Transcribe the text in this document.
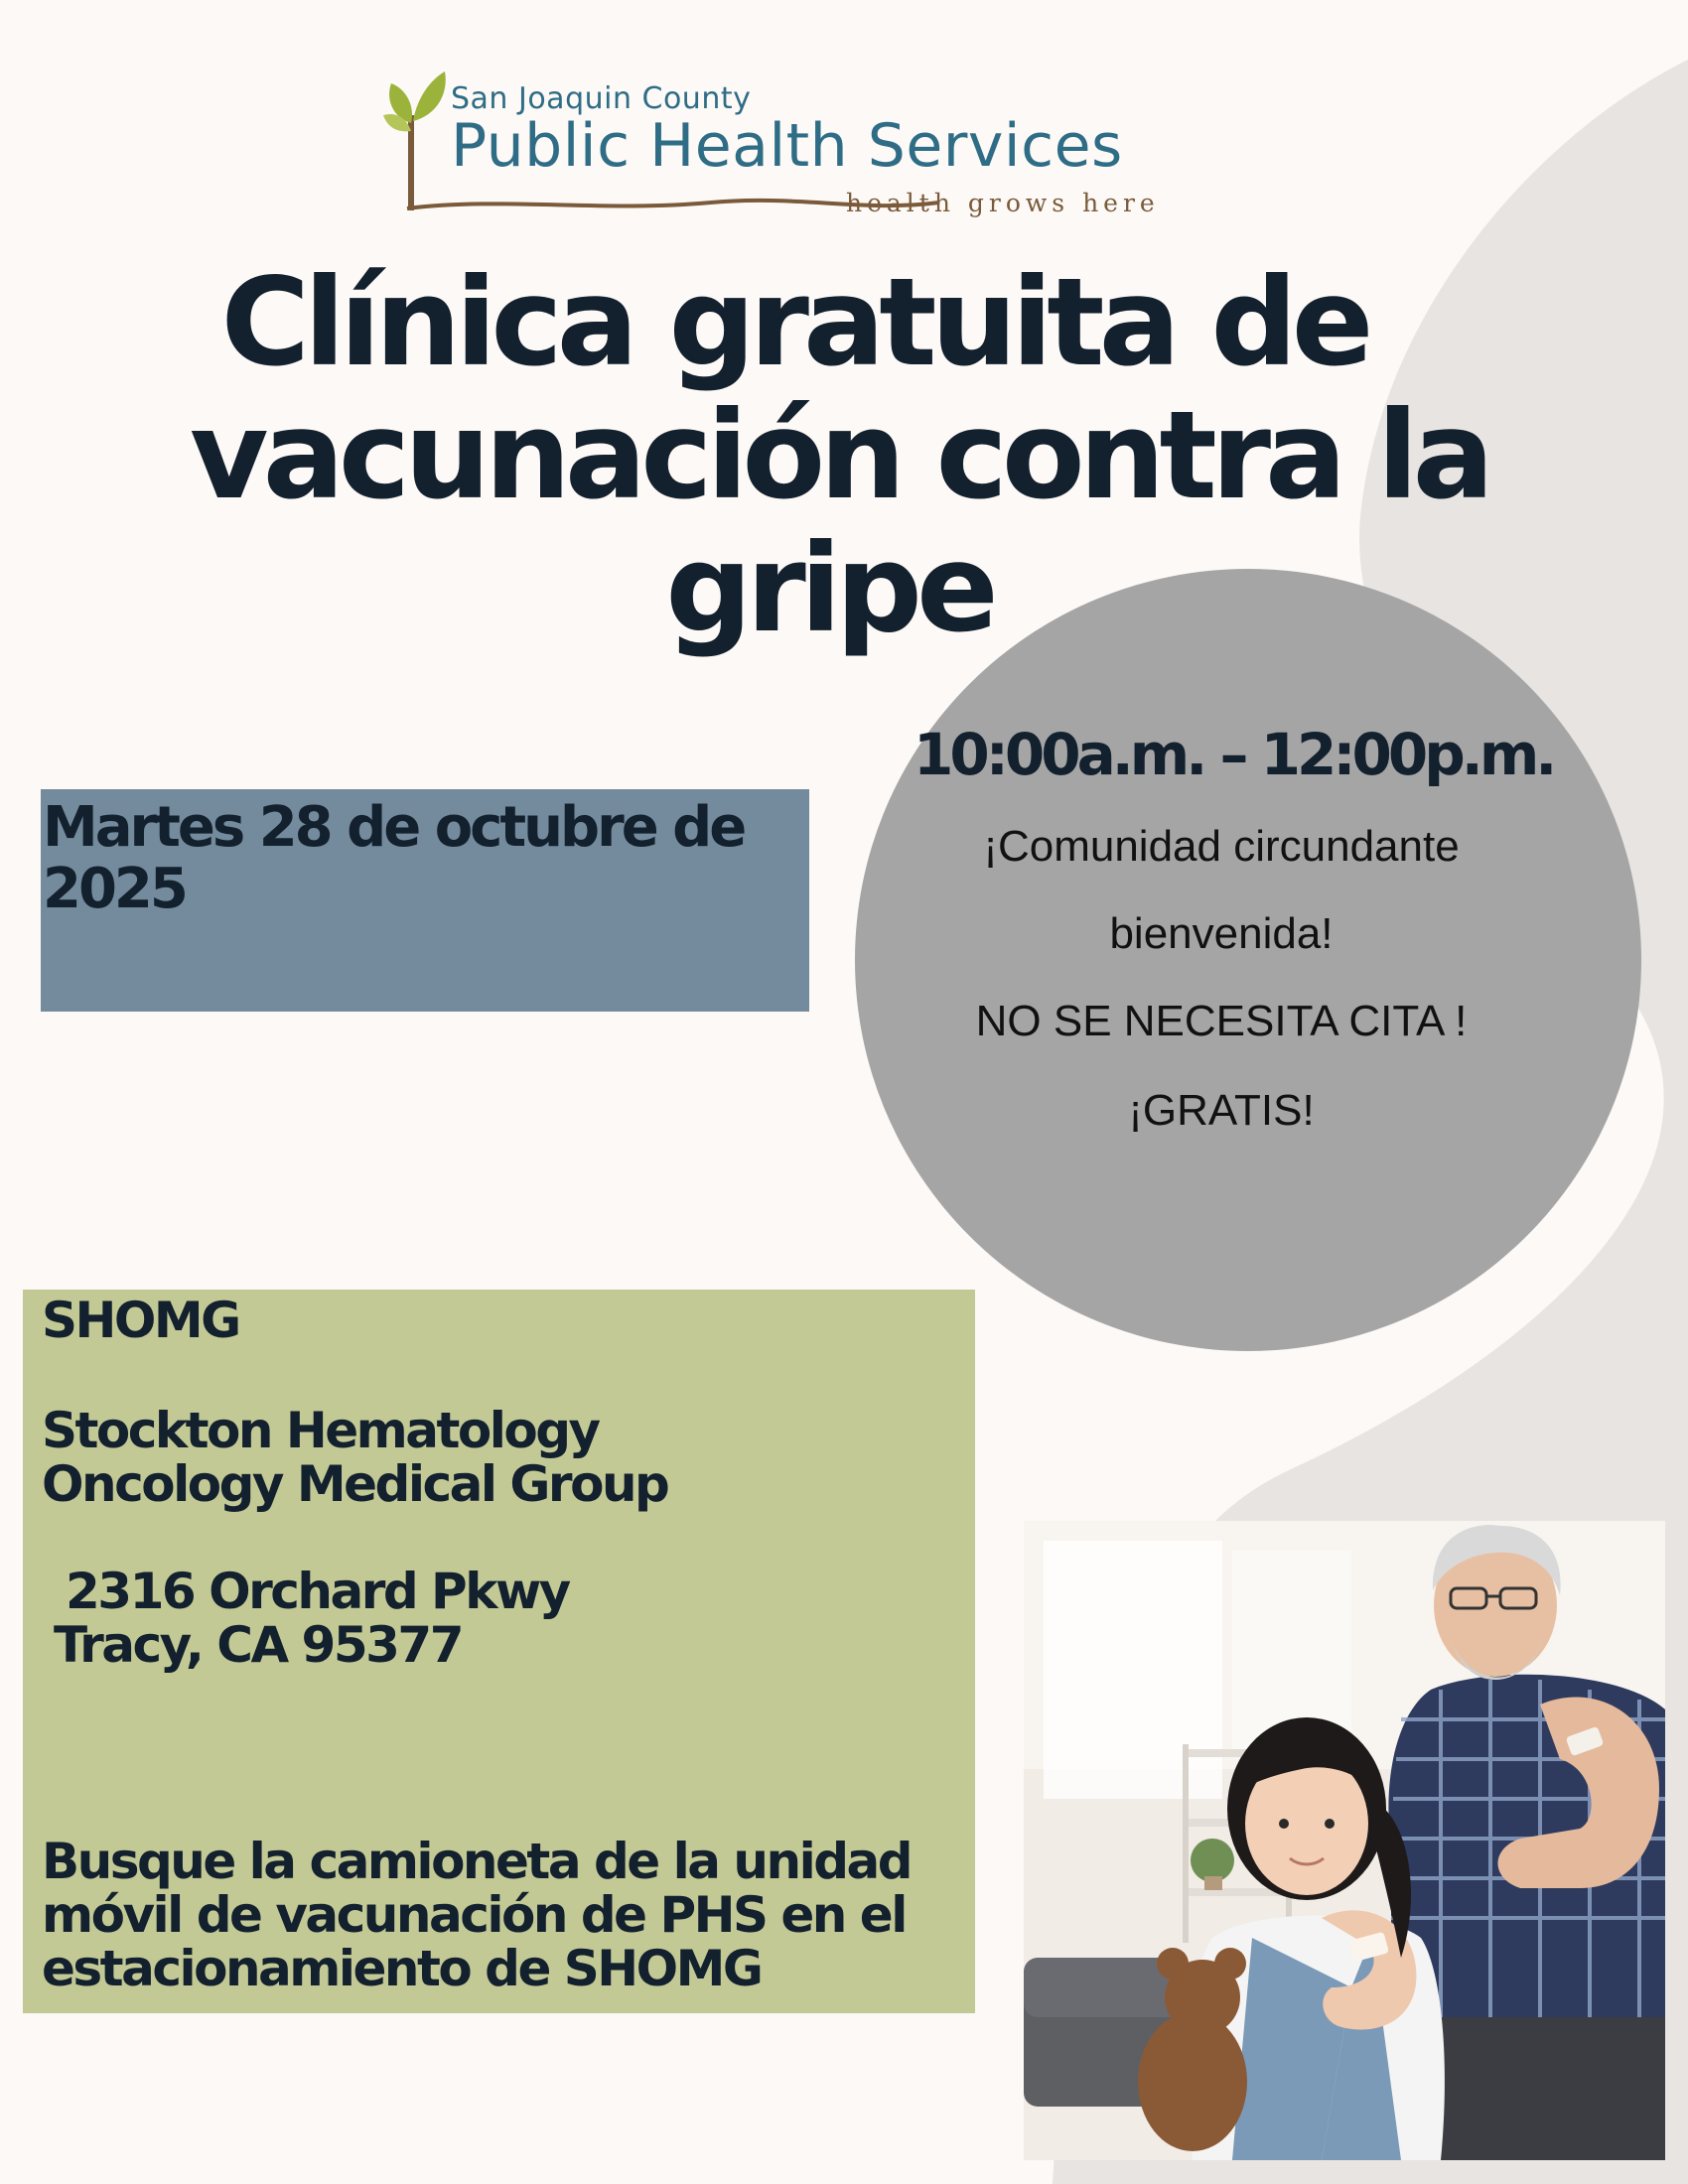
San Joaquin County
Public Health Services
health grows here
Clínica gratuita de
vacunación contra la
gripe
Martes 28 de octubre de
2025
10:00a.m. – 12:00p.m.
¡Comunidad circundante
bienvenida!
NO SE NECESITA CITA !
¡GRATIS!
SHOMG
Stockton Hematology
Oncology Medical Group
2316 Orchard Pkwy
Tracy, CA 95377
Busque la camioneta de la unidad
móvil de vacunación de PHS en el
estacionamiento de SHOMG
